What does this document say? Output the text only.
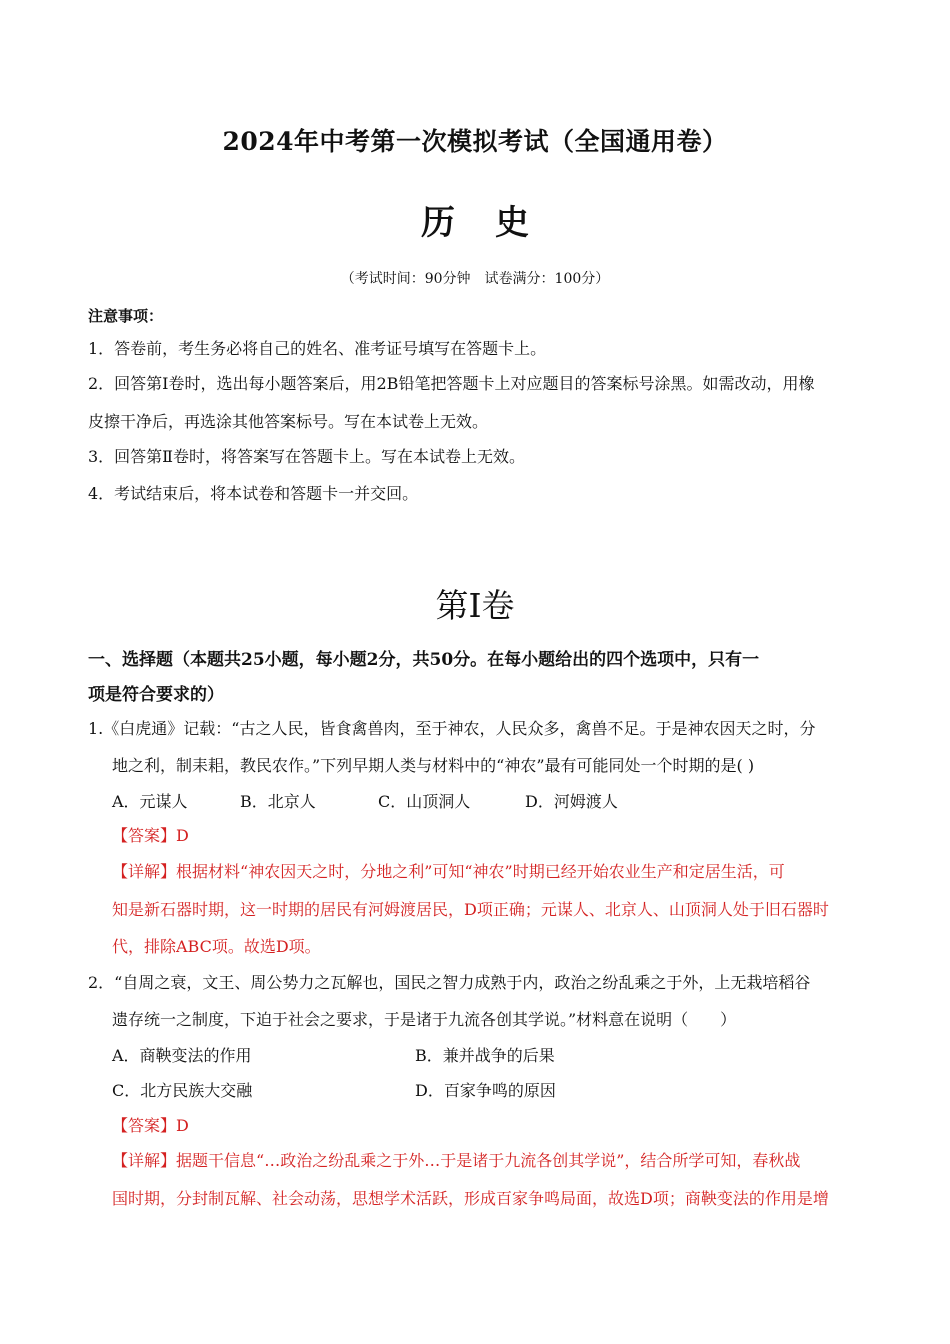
2024年中考第一次模拟考试（全国通用卷）
历史
（考试时间：90分钟　试卷满分：100分）
注意事项：
1．答卷前，考生务必将自己的姓名、准考证号填写在答题卡上。
2．回答第Ⅰ卷时，选出每小题答案后，用2B铅笔把答题卡上对应题目的答案标号涂黑。如需改动，用橡
皮擦干净后，再选涂其他答案标号。写在本试卷上无效。
3．回答第Ⅱ卷时，将答案写在答题卡上。写在本试卷上无效。
4．考试结束后，将本试卷和答题卡一并交回。
第Ⅰ卷
一、选择题（本题共25小题，每小题2分，共50分。在每小题给出的四个选项中，只有一
项是符合要求的）
1.《白虎通》记载：“古之人民，皆食禽兽肉，至于神农，人民众多，禽兽不足。于是神农因天之时，分
地之利，制耒耜，教民农作。”下列早期人类与材料中的“神农”最有可能同处一个时期的是( )
A．元谋人	B．北京人	C．山顶洞人	D．河姆渡人
【答案】D
【详解】根据材料“神农因天之时，分地之利”可知“神农”时期已经开始农业生产和定居生活，可
知是新石器时期，这一时期的居民有河姆渡居民，D项正确；元谋人、北京人、山顶洞人处于旧石器时
代，排除ABC项。故选D项。
2．“自周之衰，文王、周公势力之瓦解也，国民之智力成熟于内，政治之纷乱乘之于外，上无栽培稻谷
遗存统一之制度，下迫于社会之要求，于是诸于九流各创其学说。”材料意在说明（　　）
A．商鞅变法的作用	B．兼并战争的后果
C．北方民族大交融	D．百家争鸣的原因
【答案】D
【详解】据题干信息“…政治之纷乱乘之于外…于是诸于九流各创其学说”，结合所学可知，春秋战
国时期，分封制瓦解、社会动荡，思想学术活跃，形成百家争鸣局面，故选D项；商鞅变法的作用是增
